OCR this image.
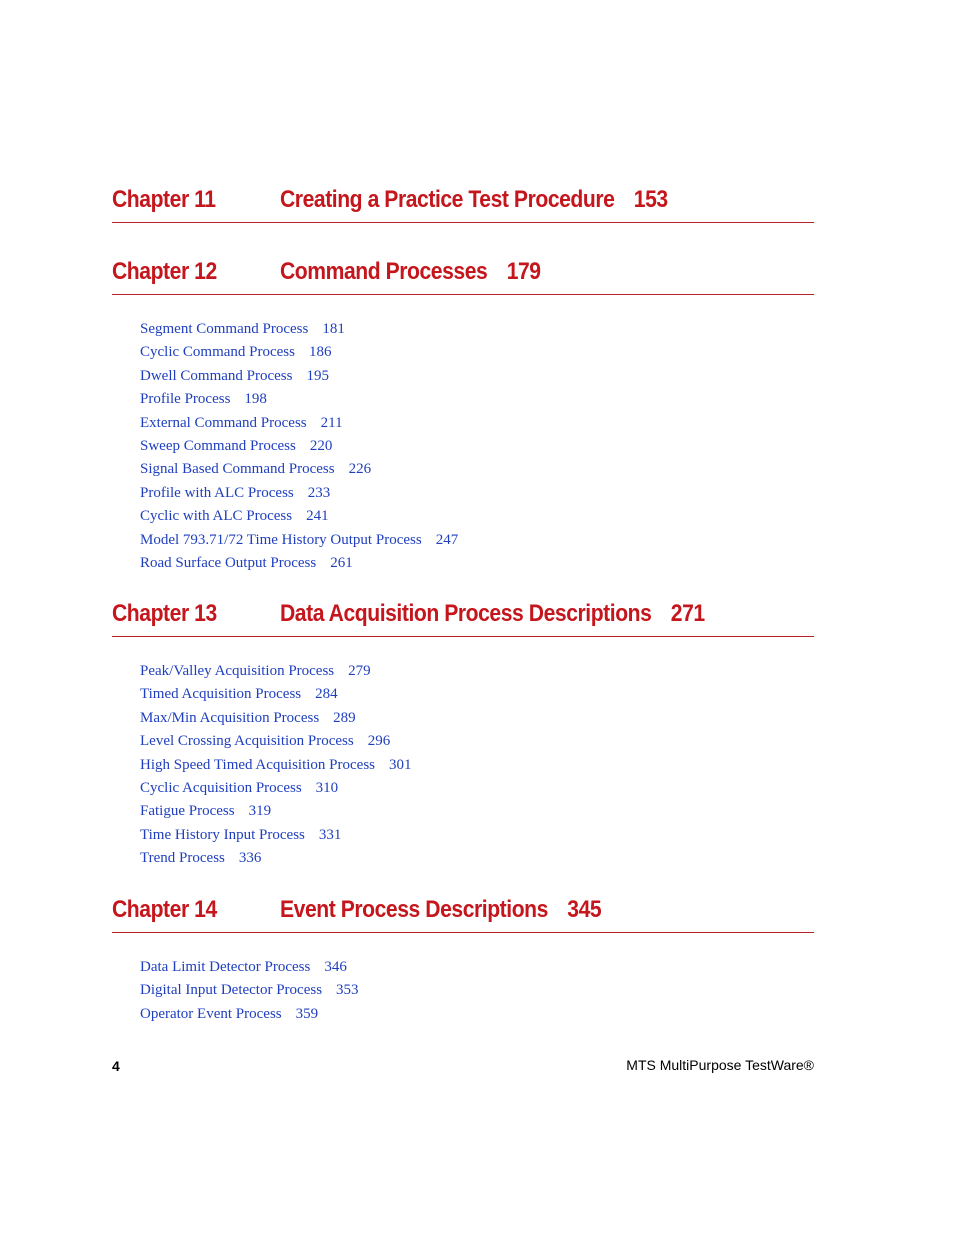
Chapter 11	Creating a Practice Test Procedure 153
Chapter 12	Command Processes 179
Segment Command Process 181
Cyclic Command Process 186
Dwell Command Process 195
Profile Process 198
External Command Process 211
Sweep Command Process 220
Signal Based Command Process 226
Profile with ALC Process 233
Cyclic with ALC Process 241
Model 793.71/72 Time History Output Process 247
Road Surface Output Process 261
Chapter 13	Data Acquisition Process Descriptions 271
Peak/Valley Acquisition Process 279
Timed Acquisition Process 284
Max/Min Acquisition Process 289
Level Crossing Acquisition Process 296
High Speed Timed Acquisition Process 301
Cyclic Acquisition Process 310
Fatigue Process 319
Time History Input Process 331
Trend Process 336
Chapter 14	Event Process Descriptions 345
Data Limit Detector Process 346
Digital Input Detector Process 353
Operator Event Process 359
4	MTS MultiPurpose TestWare®
